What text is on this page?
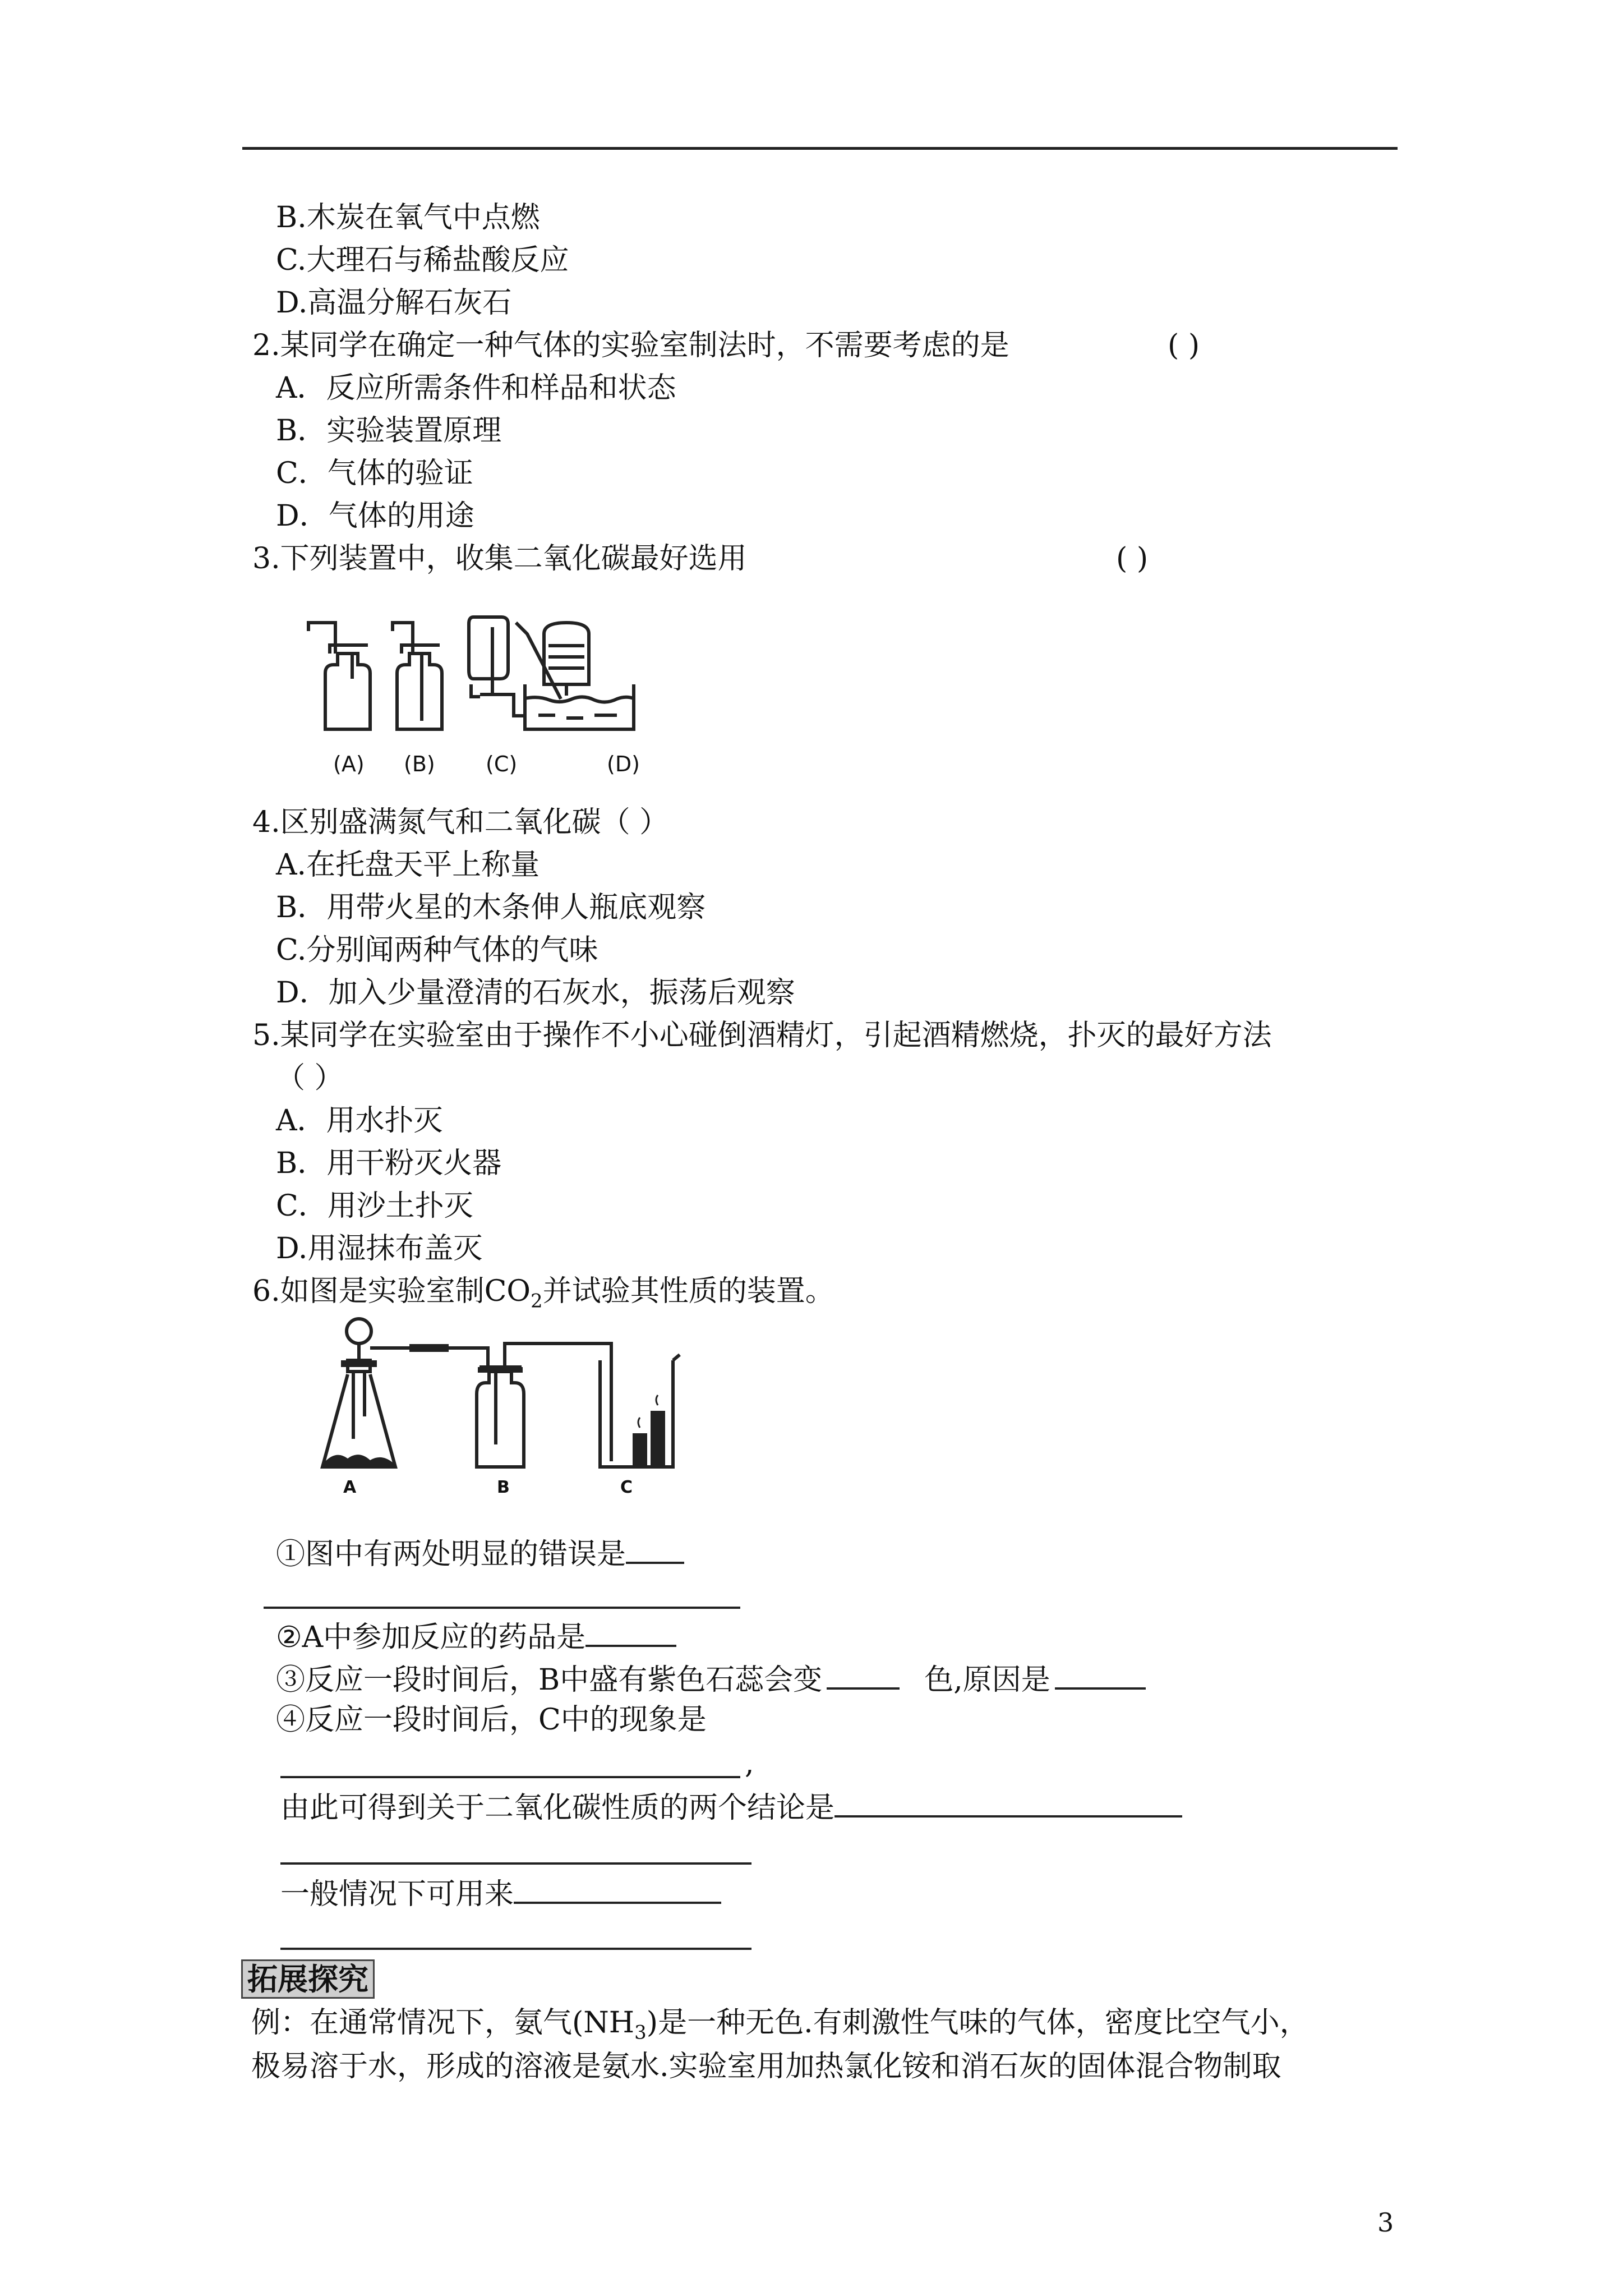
B.木炭在氧气中点燃
C.大理石与稀盐酸反应
D.高温分解石灰石
2.某同学在确定一种气体的实验室制法时，不需要考虑的是	( )
A．反应所需条件和样品和状态
B．实验装置原理
C．气体的验证
D．气体的用途
3.下列装置中，收集二氧化碳最好选用	( )
(A) (B) (C)	(D)
4.区别盛满氮气和二氧化碳（ ）
A.在托盘天平上称量
B．用带火星的木条伸人瓶底观察
C.分别闻两种气体的气味
D．加入少量澄清的石灰水，振荡后观察
5.某同学在实验室由于操作不小心碰倒酒精灯，引起酒精燃烧，扑灭的最好方法
（ ）
A．用水扑灭
B．用干粉灭火器
C．用沙土扑灭
D.用湿抹布盖灭
6.如图是实验室制$CO_2$并试验其性质的装置。
A	B	C
①图中有两处明显的错误是
②A中参加反应的药品是
③反应一段时间后，B中盛有紫色石蕊会变	色,原因是
④反应一段时间后，C中的现象是
,
由此可得到关于二氧化碳性质的两个结论是
一般情况下可用来
拓展探究
例：在通常情况下，氨气$(NH_3)$是一种无色.有刺激性气味的气体，密度比空气小，
极易溶于水，形成的溶液是氨水.实验室用加热氯化铵和消石灰的固体混合物制取
3
